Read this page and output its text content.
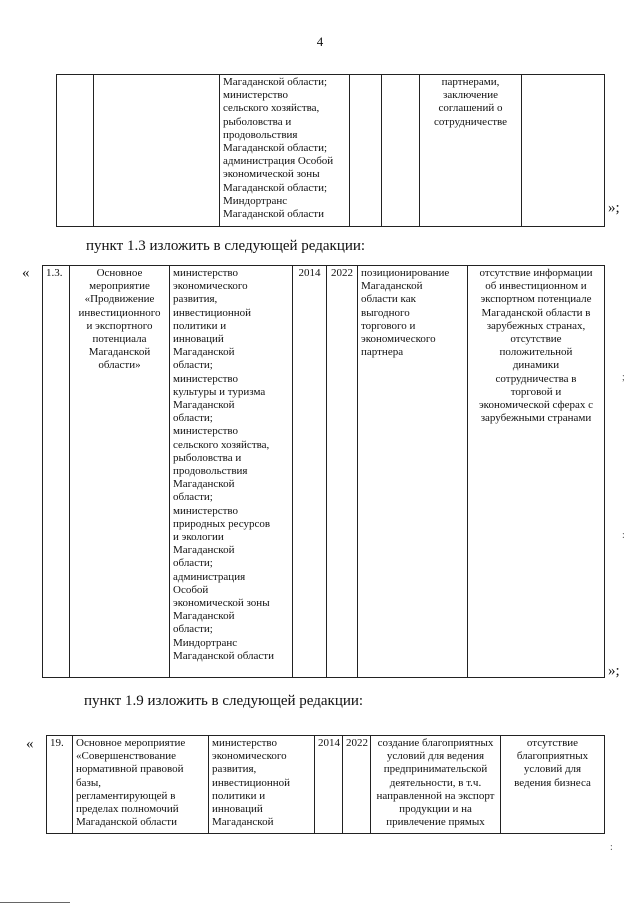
4
		Магаданской области;
министерство
сельского хозяйства,
рыболовства и
продовольствия
Магаданской области;
администрация Особой
экономической зоны
Магаданской области;
Миндортранс
Магаданской области			партнерами,
заключение
соглашений о
сотрудничестве	
»;
пункт 1.3 изложить в следующей редакции:
« 1.3.	Основное
мероприятие
«Продвижение
инвестиционного
и экспортного
потенциала
Магаданской
области»	министерство
экономического
развития,
инвестиционной
политики и
инноваций
Магаданской
области;
министерство
культуры и туризма
Магаданской
области;
министерство
сельского хозяйства,
рыболовства и
продовольствия
Магаданской
области;
министерство
природных ресурсов
и экологии
Магаданской
области;
администрация
Особой
экономической зоны
Магаданской
области;
Миндортранс
Магаданской области	2014	2022	позиционирование
Магаданской
области как
выгодного
торгового и
экономического
партнера	отсутствие информации
об инвестиционном и
экспортном потенциале
Магаданской области в
зарубежных странах,
отсутствие
положительной
динамики
сотрудничества в
торговой и
экономической сферах с
зарубежными странами
»;
пункт 1.9 изложить в следующей редакции:
« 19.	Основное мероприятие
«Совершенствование
нормативной правовой
базы,
регламентирующей в
пределах полномочий
Магаданской области	министерство
экономического
развития,
инвестиционной
политики и
инноваций
Магаданской	2014	2022	создание благоприятных
условий для ведения
предпринимательской
деятельности, в т.ч.
направленной на экспорт
продукции и на
привлечение прямых	отсутствие
благоприятных
условий для
ведения бизнеса
;
:
:
